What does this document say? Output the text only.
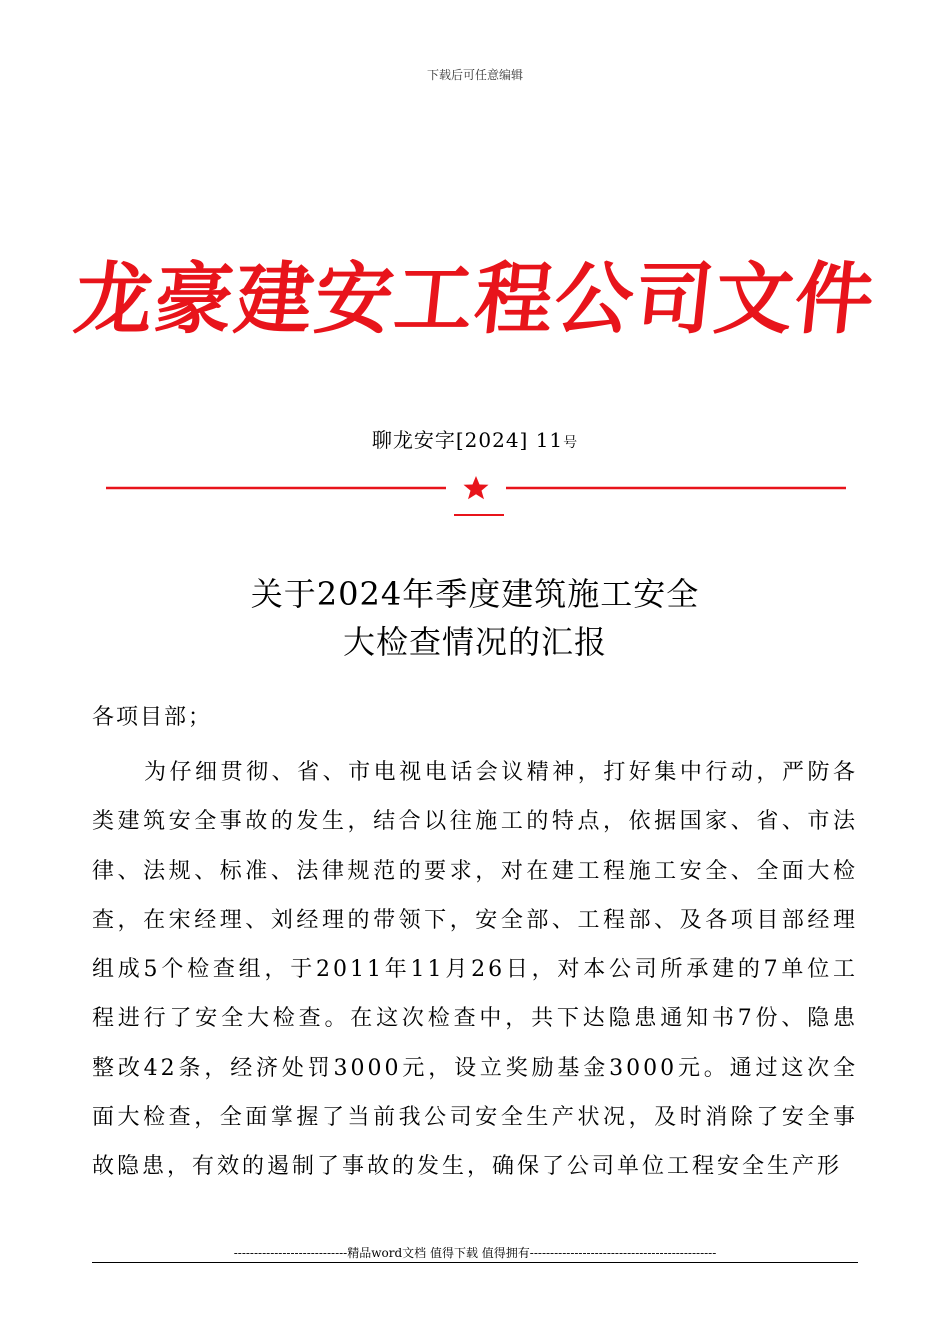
下载后可任意编辑
龙豪建安工程公司文件
聊龙安字[2024] 11号
关于2024年季度建筑施工安全
大检查情况的汇报
各项目部；

为仔细贯彻、省、市电视电话会议精神，打好集中行动，严防各类建筑安全事故的发生，结合以往施工的特点，依据国家、省、市法律、法规、标准、法律规范的要求，对在建工程施工安全、全面大检查，在宋经理、刘经理的带领下，安全部、工程部、及各项目部经理组成5个检查组，于2011年11月26日，对本公司所承建的7单位工程进行了安全大检查。在这次检查中，共下达隐患通知书7份、隐患整改42条，经济处罚3000元，设立奖励基金3000元。通过这次全面大检查，全面掌握了当前我公司安全生产状况，及时消除了安全事故隐患，有效的遏制了事故的发生，确保了公司单位工程安全生产形

----------------------------精品word文档 值得下载 值得拥有----------------------------------------------
